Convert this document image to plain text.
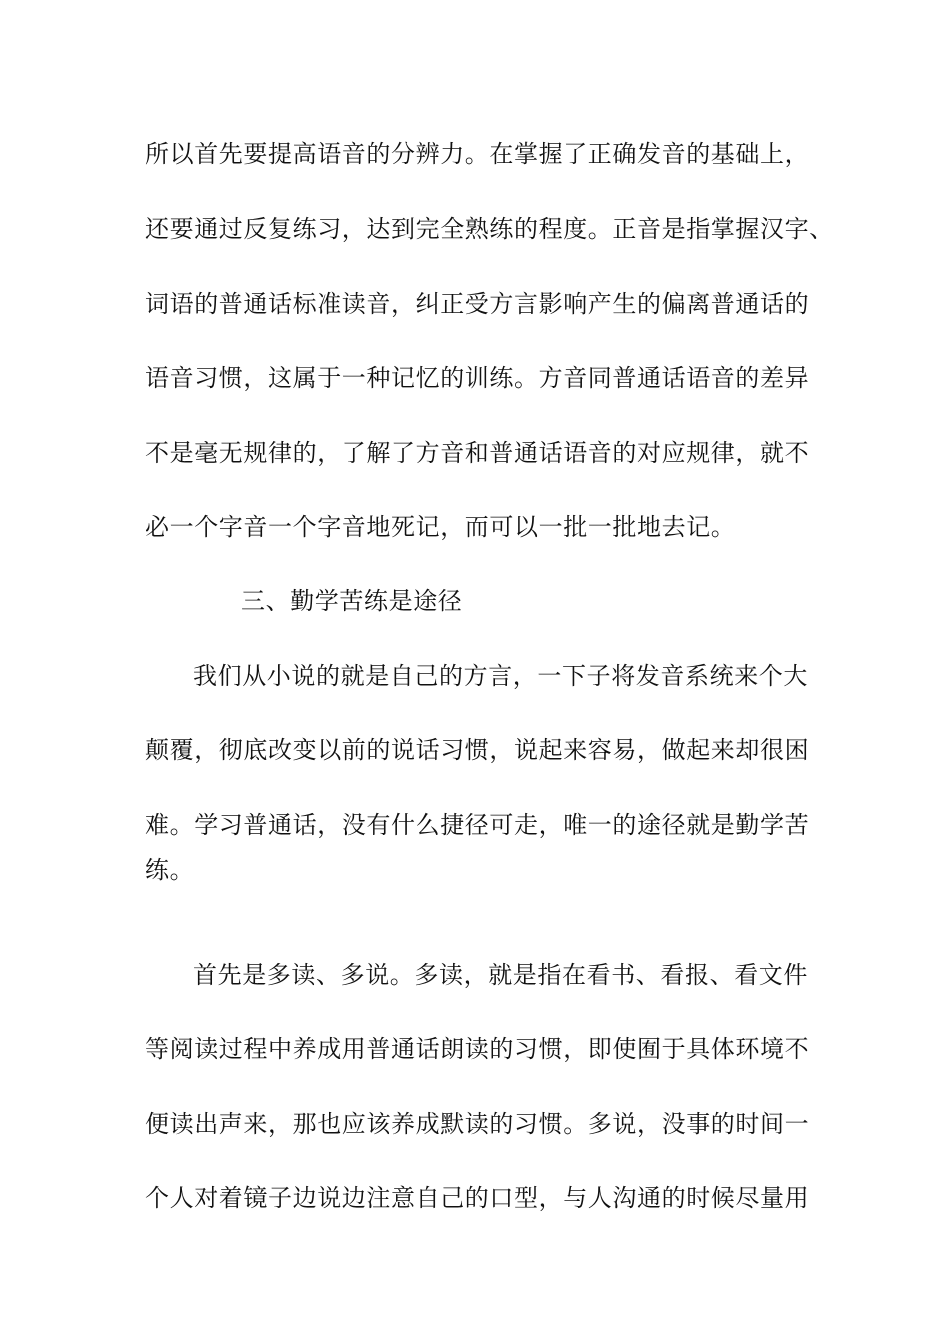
所以首先要提高语音的分辨力。在掌握了正确发音的基础上，
还要通过反复练习，达到完全熟练的程度。正音是指掌握汉字、
词语的普通话标准读音，纠正受方言影响产生的偏离普通话的
语音习惯，这属于一种记忆的训练。方音同普通话语音的差异
不是毫无规律的，了解了方音和普通话语音的对应规律，就不
必一个字音一个字音地死记，而可以一批一批地去记。
三、勤学苦练是途径
我们从小说的就是自己的方言，一下子将发音系统来个大
颠覆，彻底改变以前的说话习惯，说起来容易，做起来却很困
难。学习普通话，没有什么捷径可走，唯一的途径就是勤学苦
练。
首先是多读、多说。多读，就是指在看书、看报、看文件
等阅读过程中养成用普通话朗读的习惯，即使囿于具体环境不
便读出声来，那也应该养成默读的习惯。多说，没事的时间一
个人对着镜子边说边注意自己的口型，与人沟通的时候尽量用
